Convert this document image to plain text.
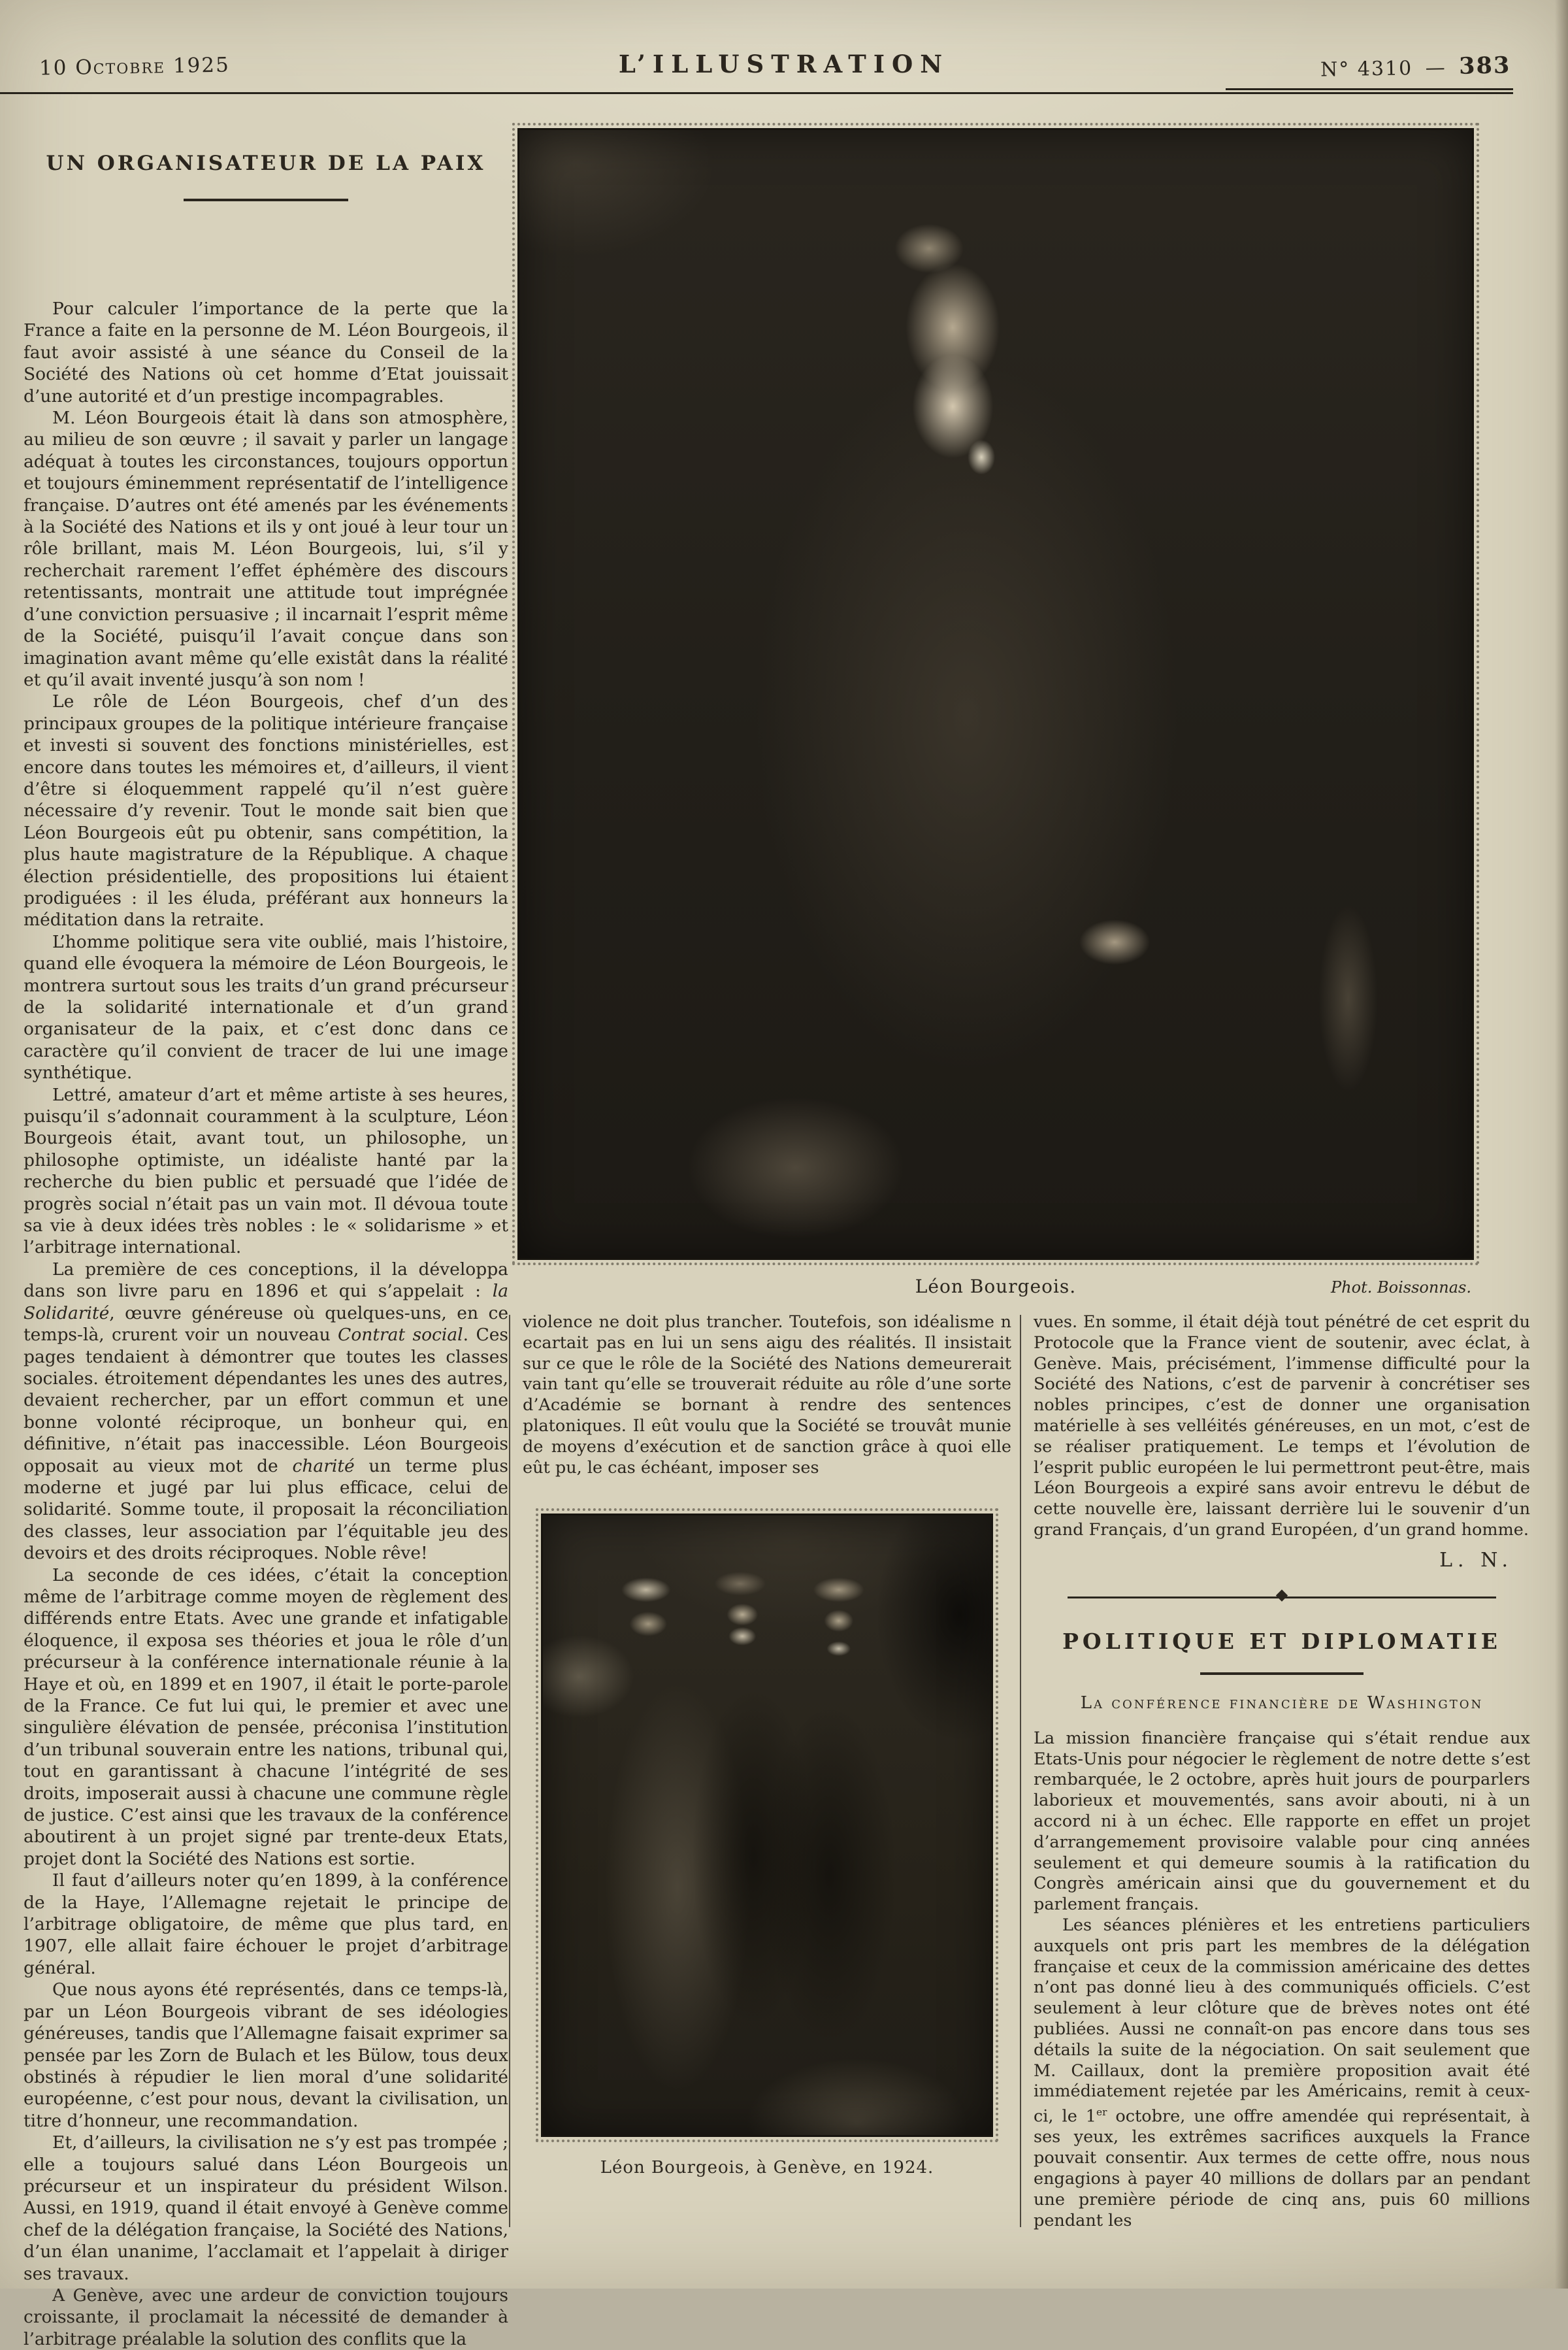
10 Octobre 1925	L’ILLUSTRATION	N° 4310 — 383
UN ORGANISATEUR DE LA PAIX

Pour calculer l’importance de la perte que la France a faite en la personne de M. Léon Bourgeois, il faut avoir assisté à une séance du Conseil de la Société des Nations où cet homme d’Etat jouissait d’une autorité et d’un prestige incompagrables.

M. Léon Bourgeois était là dans son atmosphère, au milieu de son œuvre ; il savait y parler un langage adéquat à toutes les circonstances, toujours opportun et toujours éminemment représentatif de l’intelligence française. D’autres ont été amenés par les événements à la Société des Nations et ils y ont joué à leur tour un rôle brillant, mais M. Léon Bourgeois, lui, s’il y recherchait rarement l’effet éphémère des discours retentissants, montrait une attitude tout imprégnée d’une conviction persuasive ; il incarnait l’esprit même de la Société, puisqu’il l’avait conçue dans son imagination avant même qu’elle existât dans la réalité et qu’il avait inventé jusqu’à son nom !

Le rôle de Léon Bourgeois, chef d’un des principaux groupes de la politique intérieure française et investi si souvent des fonctions ministérielles, est encore dans toutes les mémoires et, d’ailleurs, il vient d’être si éloquemment rappelé qu’il n’est guère nécessaire d’y revenir. Tout le monde sait bien que Léon Bourgeois eût pu obtenir, sans compétition, la plus haute magistrature de la République. A chaque élection présidentielle, des propositions lui étaient prodiguées : il les éluda, préférant aux honneurs la méditation dans la retraite.

L’homme politique sera vite oublié, mais l’histoire, quand elle évoquera la mémoire de Léon Bourgeois, le montrera surtout sous les traits d’un grand précurseur de la solidarité internationale et d’un grand organisateur de la paix, et c’est donc dans ce caractère qu’il convient de tracer de lui une image synthétique.

Lettré, amateur d’art et même artiste à ses heures, puisqu’il s’adonnait couramment à la sculpture, Léon Bourgeois était, avant tout, un philosophe, un philosophe optimiste, un idéaliste hanté par la recherche du bien public et persuadé que l’idée de progrès social n’était pas un vain mot. Il dévoua toute sa vie à deux idées très nobles : le « solidarisme » et l’arbitrage international.

La première de ces conceptions, il la développa dans son livre paru en 1896 et qui s’appelait : la Solidarité, œuvre généreuse où quelques-uns, en ce temps-là, crurent voir un nouveau Contrat social. Ces pages tendaient à démontrer que toutes les classes sociales. étroitement dépendantes les unes des autres, devaient rechercher, par un effort commun et une bonne volonté réciproque, un bonheur qui, en définitive, n’était pas inaccessible. Léon Bourgeois opposait au vieux mot de charité un terme plus moderne et jugé par lui plus efficace, celui de solidarité. Somme toute, il proposait la réconciliation des classes, leur association par l’équitable jeu des devoirs et des droits réciproques. Noble rêve!

La seconde de ces idées, c’était la conception même de l’arbitrage comme moyen de règlement des différends entre Etats. Avec une grande et infatigable éloquence, il exposa ses théories et joua le rôle d’un précurseur à la conférence internationale réunie à la Haye et où, en 1899 et en 1907, il était le porte-parole de la France. Ce fut lui qui, le premier et avec une singulière élévation de pensée, préconisa l’institution d’un tribunal souverain entre les nations, tribunal qui, tout en garantissant à chacune l’intégrité de ses droits, imposerait aussi à chacune une commune règle de justice. C’est ainsi que les travaux de la conférence aboutirent à un projet signé par trente-deux Etats, projet dont la Société des Nations est sortie.

Il faut d’ailleurs noter qu’en 1899, à la conférence de la Haye, l’Allemagne rejetait le principe de l’arbitrage obligatoire, de même que plus tard, en 1907, elle allait faire échouer le projet d’arbitrage général.

Que nous ayons été représentés, dans ce temps-là, par un Léon Bourgeois vibrant de ses idéologies généreuses, tandis que l’Allemagne faisait exprimer sa pensée par les Zorn de Bulach et les Bülow, tous deux obstinés à répudier le lien moral d’une solidarité européenne, c’est pour nous, devant la civilisation, un titre d’honneur, une recommandation.

Et, d’ailleurs, la civilisation ne s’y est pas trompée ; elle a toujours salué dans Léon Bourgeois un précurseur et un inspirateur du président Wilson. Aussi, en 1919, quand il était envoyé à Genève comme chef de la délégation française, la Société des Nations, d’un élan unanime, l’acclamait et l’appelait à diriger ses travaux.

A Genève, avec une ardeur de conviction toujours croissante, il proclamait la nécessité de demander à l’arbitrage préalable la solution des conflits que la

Léon Bourgeois.	Phot. Boissonnas.

violence ne doit plus trancher. Toutefois, son idéalisme n ecartait pas en lui un sens aigu des réalités. Il insistait sur ce que le rôle de la Société des Nations demeurerait vain tant qu’elle se trouverait réduite au rôle d’une sorte d’Académie se bornant à rendre des sentences platoniques. Il eût voulu que la Société se trouvât munie de moyens d’exécution et de sanction grâce à quoi elle eût pu, le cas échéant, imposer ses

Léon Bourgeois, à Genève, en 1924.

vues. En somme, il était déjà tout pénétré de cet esprit du Protocole que la France vient de soutenir, avec éclat, à Genève. Mais, précisément, l’immense difficulté pour la Société des Nations, c’est de parvenir à concrétiser ses nobles principes, c’est de donner une organisation matérielle à ses velléités généreuses, en un mot, c’est de se réaliser pratiquement. Le temps et l’évolution de l’esprit public européen le lui permettront peut-être, mais Léon Bourgeois a expiré sans avoir entrevu le début de cette nouvelle ère, laissant derrière lui le souvenir d’un grand Français, d’un grand Européen, d’un grand homme.

L. N.
POLITIQUE ET DIPLOMATIE
La conférence financière de Washington

La mission financière française qui s’était rendue aux Etats-Unis pour négocier le règlement de notre dette s’est rembarquée, le 2 octobre, après huit jours de pourparlers laborieux et mouvementés, sans avoir abouti, ni à un accord ni à un échec. Elle rapporte en effet un projet d’arrangemement provisoire valable pour cinq années seulement et qui demeure soumis à la ratification du Congrès américain ainsi que du gouvernement et du parlement français.

Les séances plénières et les entretiens particuliers auxquels ont pris part les membres de la délégation française et ceux de la commission américaine des dettes n’ont pas donné lieu à des communiqués officiels. C’est seulement à leur clôture que de brèves notes ont été publiées. Aussi ne connaît-on pas encore dans tous ses détails la suite de la négociation. On sait seulement que M. Caillaux, dont la première proposition avait été immédiatement rejetée par les Américains, remit à ceux-ci, le 1er octobre, une offre amendée qui représentait, à ses yeux, les extrêmes sacrifices auxquels la France pouvait consentir. Aux termes de cette offre, nous nous engagions à payer 40 millions de dollars par an pendant une première période de cinq ans, puis 60 millions pendant les
